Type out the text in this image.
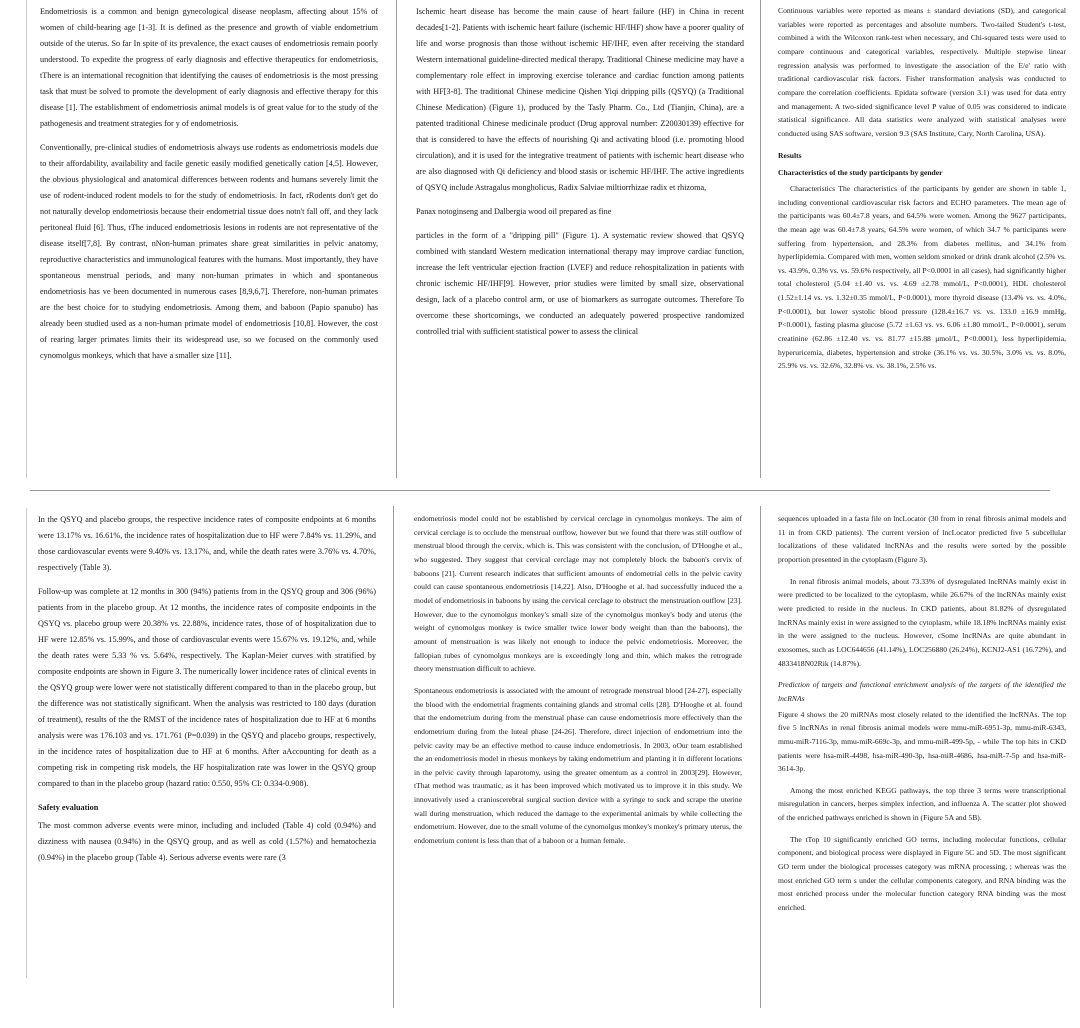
Endometriosis is a common and benign gynecological disease neoplasm, affecting about 15% of women of child-bearing age [1-3]. It is defined as the presence and growth of viable endometrium outside of the uterus. So far In spite of its prevalence, the exact causes of endometriosis remain poorly understood. To expedite the progress of early diagnosis and effective therapeutics for endometriosis, tThere is an international recognition that identifying the causes of endometriosis is the most pressing task that must be solved to promote the development of early diagnosis and effective therapy for this disease [1]. The establishment of endometriosis animal models is of great value for to the study of the pathogenesis and treatment strategies for y of endometriosis.

Conventionally, pre-clinical studies of endometriosis always use rodents as endometriosis models due to their affordability, availability and facile genetic easily modified genetically cation [4,5]. However, the obvious physiological and anatomical differences between rodents and humans severely limit the use of rodent-induced rodent models to for the study of endometriosis. In fact, rRodents don't get do not naturally develop endometriosis because their endometrial tissue does notn't fall off, and they lack peritoneal fluid [6]. Thus, tThe induced endometriosis lesions in rodents are not representative of the disease itself[7,8]. By contrast, nNon-human primates share great similarities in pelvic anatomy, reproductive characteristics and immunological features with the humans. Most importantly, they have spontaneous menstrual periods, and many non-human primates in which and spontaneous endometriosis has ve been documented in numerous cases [8,9,6,7]. Therefore, non-human primates are the best choice for to studying endometriosis. Among them, and baboon (Papio spanubo) has already been studied used as a non-human primate model of endometriosis [10,8]. However, the cost of rearing larger primates limits their its widespread use, so we focused on the commonly used cynomolgus monkeys, which that have a smaller size [11].

Ischemic heart disease has become the main cause of heart failure (HF) in China in recent decades[1-2]. Patients with ischemic heart failure (ischemic HF/IHF) show have a poorer quality of life and worse prognosis than those without ischemic HF/IHF, even after receiving the standard Western international guideline-directed medical therapy. Traditional Chinese medicine may have a complementary role effect in improving exercise tolerance and cardiac function among patients with HF[3-8]. The traditional Chinese medicine Qishen Yiqi dripping pills (QSYQ) (a Traditional Chinese Medication) (Figure 1), produced by the Tasly Pharm. Co., Ltd (Tianjin, China), are a patented traditional Chinese medicinale product (Drug approval number: Z20030139) effective for that is considered to have the effects of nourishing Qi and activating blood (i.e. promoting blood circulation), and it is used for the integrative treatment of patients with ischemic heart disease who are also diagnosed with Qi deficiency and blood stasis or ischemic HF/IHF. The active ingredients of QSYQ include Astragalus mongholicus, Radix Salviae miltiorrhizae radix et rhizoma,

Panax notoginseng and Dalbergia wood oil prepared as fine

particles in the form of a "dripping pill" (Figure 1). A systematic review showed that QSYQ combined with standard Western medication international therapy may improve cardiac function, increase the left ventricular ejection fraction (LVEF) and reduce rehospitalization in patients with chronic ischemic HF/IHF[9]. However, prior studies were limited by small size, observational design, lack of a placebo control arm, or use of biomarkers as surrogate outcomes. Therefore To overcome these shortcomings, we conducted an adequately powered prospective randomized controlled trial with sufficient statistical power to assess the clinical

Continuous variables were reported as means ± standard deviations (SD), and categorical variables were reported as percentages and absolute numbers. Two-tailed Student's t-test, combined a with the Wilcoxon rank-test when necessary, and Chi-squared tests were used to compare continuous and categorical variables, respectively. Multiple stepwise linear regression analysis was performed to investigate the association of the E/e' ratio with traditional cardiovascular risk factors. Fisher transformation analysis was conducted to compare the correlation coefficients. Epidata software (version 3.1) was used for data entry and management. A two-sided significance level P value of 0.05 was considered to indicate statistical significance. All data statistics were analyzed with statistical analyses were conducted using SAS software, version 9.3 (SAS Institute, Cary, North Carolina, USA).

Results
Characteristics of the study participants by gender

Characteristics The characteristics of the participants by gender are shown in table 1, including conventional cardiovascular risk factors and ECHO parameters. The mean age of the participants was 60.4±7.8 years, and 64.5% were women. Among the 9627 participants, the mean age was 60.4±7.8 years, 64.5% were women, of which 34.7 % participants were suffering from hypertension, and 28.3% from diabetes mellitus, and 34.1% from hyperlipidemia. Compared with men, women seldom smoked or drink drank alcohol (2.5% vs. vs. 43.9%, 0.3% vs. vs. 59.6% respectively, all P<0.0001 in all cases), had significantly higher total cholesterol (5.04 ±1.40 vs. vs. 4.69 ±2.78 mmol/L, P<0.0001), HDL cholesterol (1.52±1.14 vs. vs. 1.32±0.35 mmol/L, P<0.0001), more thyroid disease (13.4% vs. vs. 4.0%, P<0.0001), but lower systolic blood pressure (128.4±16.7 vs. vs. 133.0 ±16.9 mmHg, P<0.0001), fasting plasma glucose (5.72 ±1.63 vs. vs. 6.06 ±1.80 mmol/L, P<0.0001), serum creatinine (62.86 ±12.40 vs. vs. 81.77 ±15.88 μmol/L, P<0.0001), less hyperlipidemia, hyperuricemia, diabetes, hypertension and stroke (36.1% vs. vs. 30.5%, 3.0% vs. vs. 8.0%, 25.9% vs. vs. 32.6%, 32.8% vs. vs. 38.1%, 2.5% vs.

In the QSYQ and placebo groups, the respective incidence rates of composite endpoints at 6 months were 13.17% vs. 16.61%, the incidence rates of hospitalization due to HF were 7.84% vs. 11.29%, and those cardiovascular events were 9.40% vs. 13.17%, and, while the death rates were 3.76% vs. 4.70%, respectively (Table 3).

Follow-up was complete at 12 months in 300 (94%) patients from in the QSYQ group and 306 (96%) patients from in the placebo group. At 12 months, the incidence rates of composite endpoints in the QSYQ vs. placebo group were 20.38% vs. 22.88%, incidence rates, those of of hospitalization due to HF were 12.85% vs. 15.99%, and those of cardiovascular events were 15.67% vs. 19.12%, and, while the death rates were 5.33 % vs. 5.64%, respectively. The Kaplan-Meier curves with stratified by composite endpoints are shown in Figure 3. The numerically lower incidence rates of clinical events in the QSYQ group were lower were not statistically different compared to than in the placebo group, but the difference was not statistically significant. When the analysis was restricted to 180 days (duration of treatment), results of the the RMST of the incidence rates of hospitalization due to HF at 6 months analysis were was 176.103 and vs. 171.761 (P=0.039) in the QSYQ and placebo groups, respectively, in the incidence rates of hospitalization due to HF at 6 months. After aAccounting for death as a competing risk in competing risk models, the HF hospitalization rate was lower in the QSYQ group compared to than in the placebo group (hazard ratio: 0.550, 95% CI: 0.334-0.908).

Safety evaluation

The most common adverse events were minor, including and included (Table 4) cold (0.94%) and dizziness with nausea (0.94%) in the QSYQ group, and as well as cold (1.57%) and hematochezia (0.94%) in the placebo group (Table 4). Serious adverse events were rare (3

endometriosis model could not be established by cervical cerclage in cynomolgus monkeys. The aim of cervical cerclage is to occlude the menstrual outflow, however but we found that there was still outflow of menstrual blood through the cervix, which is. This was consistent with the conclusion, of D'Hooghe et al., who suggested. They suggest that cervical cerclage may not completely block the baboon's cervix of baboons [21]. Current research indicates that sufficient amounts of endometrial cells in the pelvic cavity could can cause spontaneous endometriosis [14,22]. Also, D'Hooghe et al. had successfully induced the a model of endometriosis in baboons by using the cervical cerclage to obstruct the menstruation outflow [23]. However, due to the cynomolgus monkey's small size of the cynomolgus monkey's body and uterus (the weight of cynomolgus monkey is twice smaller twice lower body weight than than the baboons), the amount of menstruation is was likely not enough to induce the pelvic endometriosis. Moreover, the fallopian tubes of cynomolgus monkeys are is exceedingly long and thin, which makes the retrograde theory menstruation difficult to achieve.

Spontaneous endometriosis is associated with the amount of retrograde menstrual blood [24-27], especially the blood with the endometrial fragments containing glands and stromal cells [28]. D'Hooghe et al. found that the endometrium during from the menstrual phase can cause endometriosis more effectively than the endometrium during from the luteal phase [24-26]. Therefore, direct injection of endometrium into the pelvic cavity may be an effective method to cause induce endometriosis. In 2003, oOur team established the an endometriosis model in rhesus monkeys by taking endometrium and planting it in different locations in the pelvic cavity through laparotomy, using the greater omentum as a control in 2003[29]. However, tThat method was traumatic, as it has been improved which motivated us to improve it in this study. We innovatively used a cranioscerebral surgical suction device with a syringe to suck and scrape the uterine wall during menstruation, which reduced the damage to the experimental animals by while collecting the endometrium. However, due to the small volume of the cynomolgus monkey's monkey's primary uterus, the endometrium content is less than that of a baboon or a human female.

sequences uploaded in a fasta file on lncLocator (30 from in renal fibrosis animal models and 11 in from CKD patients). The current version of lncLocator predicted five 5 subcellular localizations of these validated lncRNAs and the results were sorted by the possible proportion presented in the cytoplasm (Figure 3).

In renal fibrosis animal models, about 73.33% of dysregulated lncRNAs mainly exist in were predicted to be localized to the cytoplasm, while 26.67% of the lncRNAs mainly exist were predicted to reside in the nucleus. In CKD patients, about 81.82% of dysregulated lncRNAs mainly exist in were assigned to the cytoplasm, while 18.18% lncRNAs mainly exist in the were assigned to the nucleus. However, cSome lncRNAs are quite abundant in exosomes, such as LOC644656 (41.14%), LOC256880 (26.24%), KCNJ2-AS1 (16.72%), and 4833418N02Rik (14.87%).

Prediction of targets and functional enrichment analysis of the targets of the identified the lncRNAs

Figure 4 shows the 20 miRNAs most closely related to the identified the lncRNAs. The top five 5 lncRNAs in renal fibrosis animal models were mmu-miR-6951-3p, mmu-miR-6343, mmu-miR-7116-3p, mmu-miR-669c-3p, and mmu-miR-499-5p, - while The top hits in CKD patients were hsa-miR-4498, hsa-miR-490-3p, hsa-miR-4686, hsa-miR-7-5p and hsa-miR-3614-3p.

Among the most enriched KEGG pathways, the top three 3 terms were transcriptional misregulation in cancers, herpes simplex infection, and influenza A. The scatter plot showed of the enriched pathways enriched is shown in (Figure 5A and 5B).

The tTop 10 significantly enriched GO terms, including molecular functions, cellular component, and biological process were displayed in Figure 5C and 5D. The most significant GO term under the biological processes category was mRNA processing, ; whereas was the most enriched GO term s under the cellular components category, and RNA binding was the most enriched process under the molecular function category RNA binding was the most enriched.
